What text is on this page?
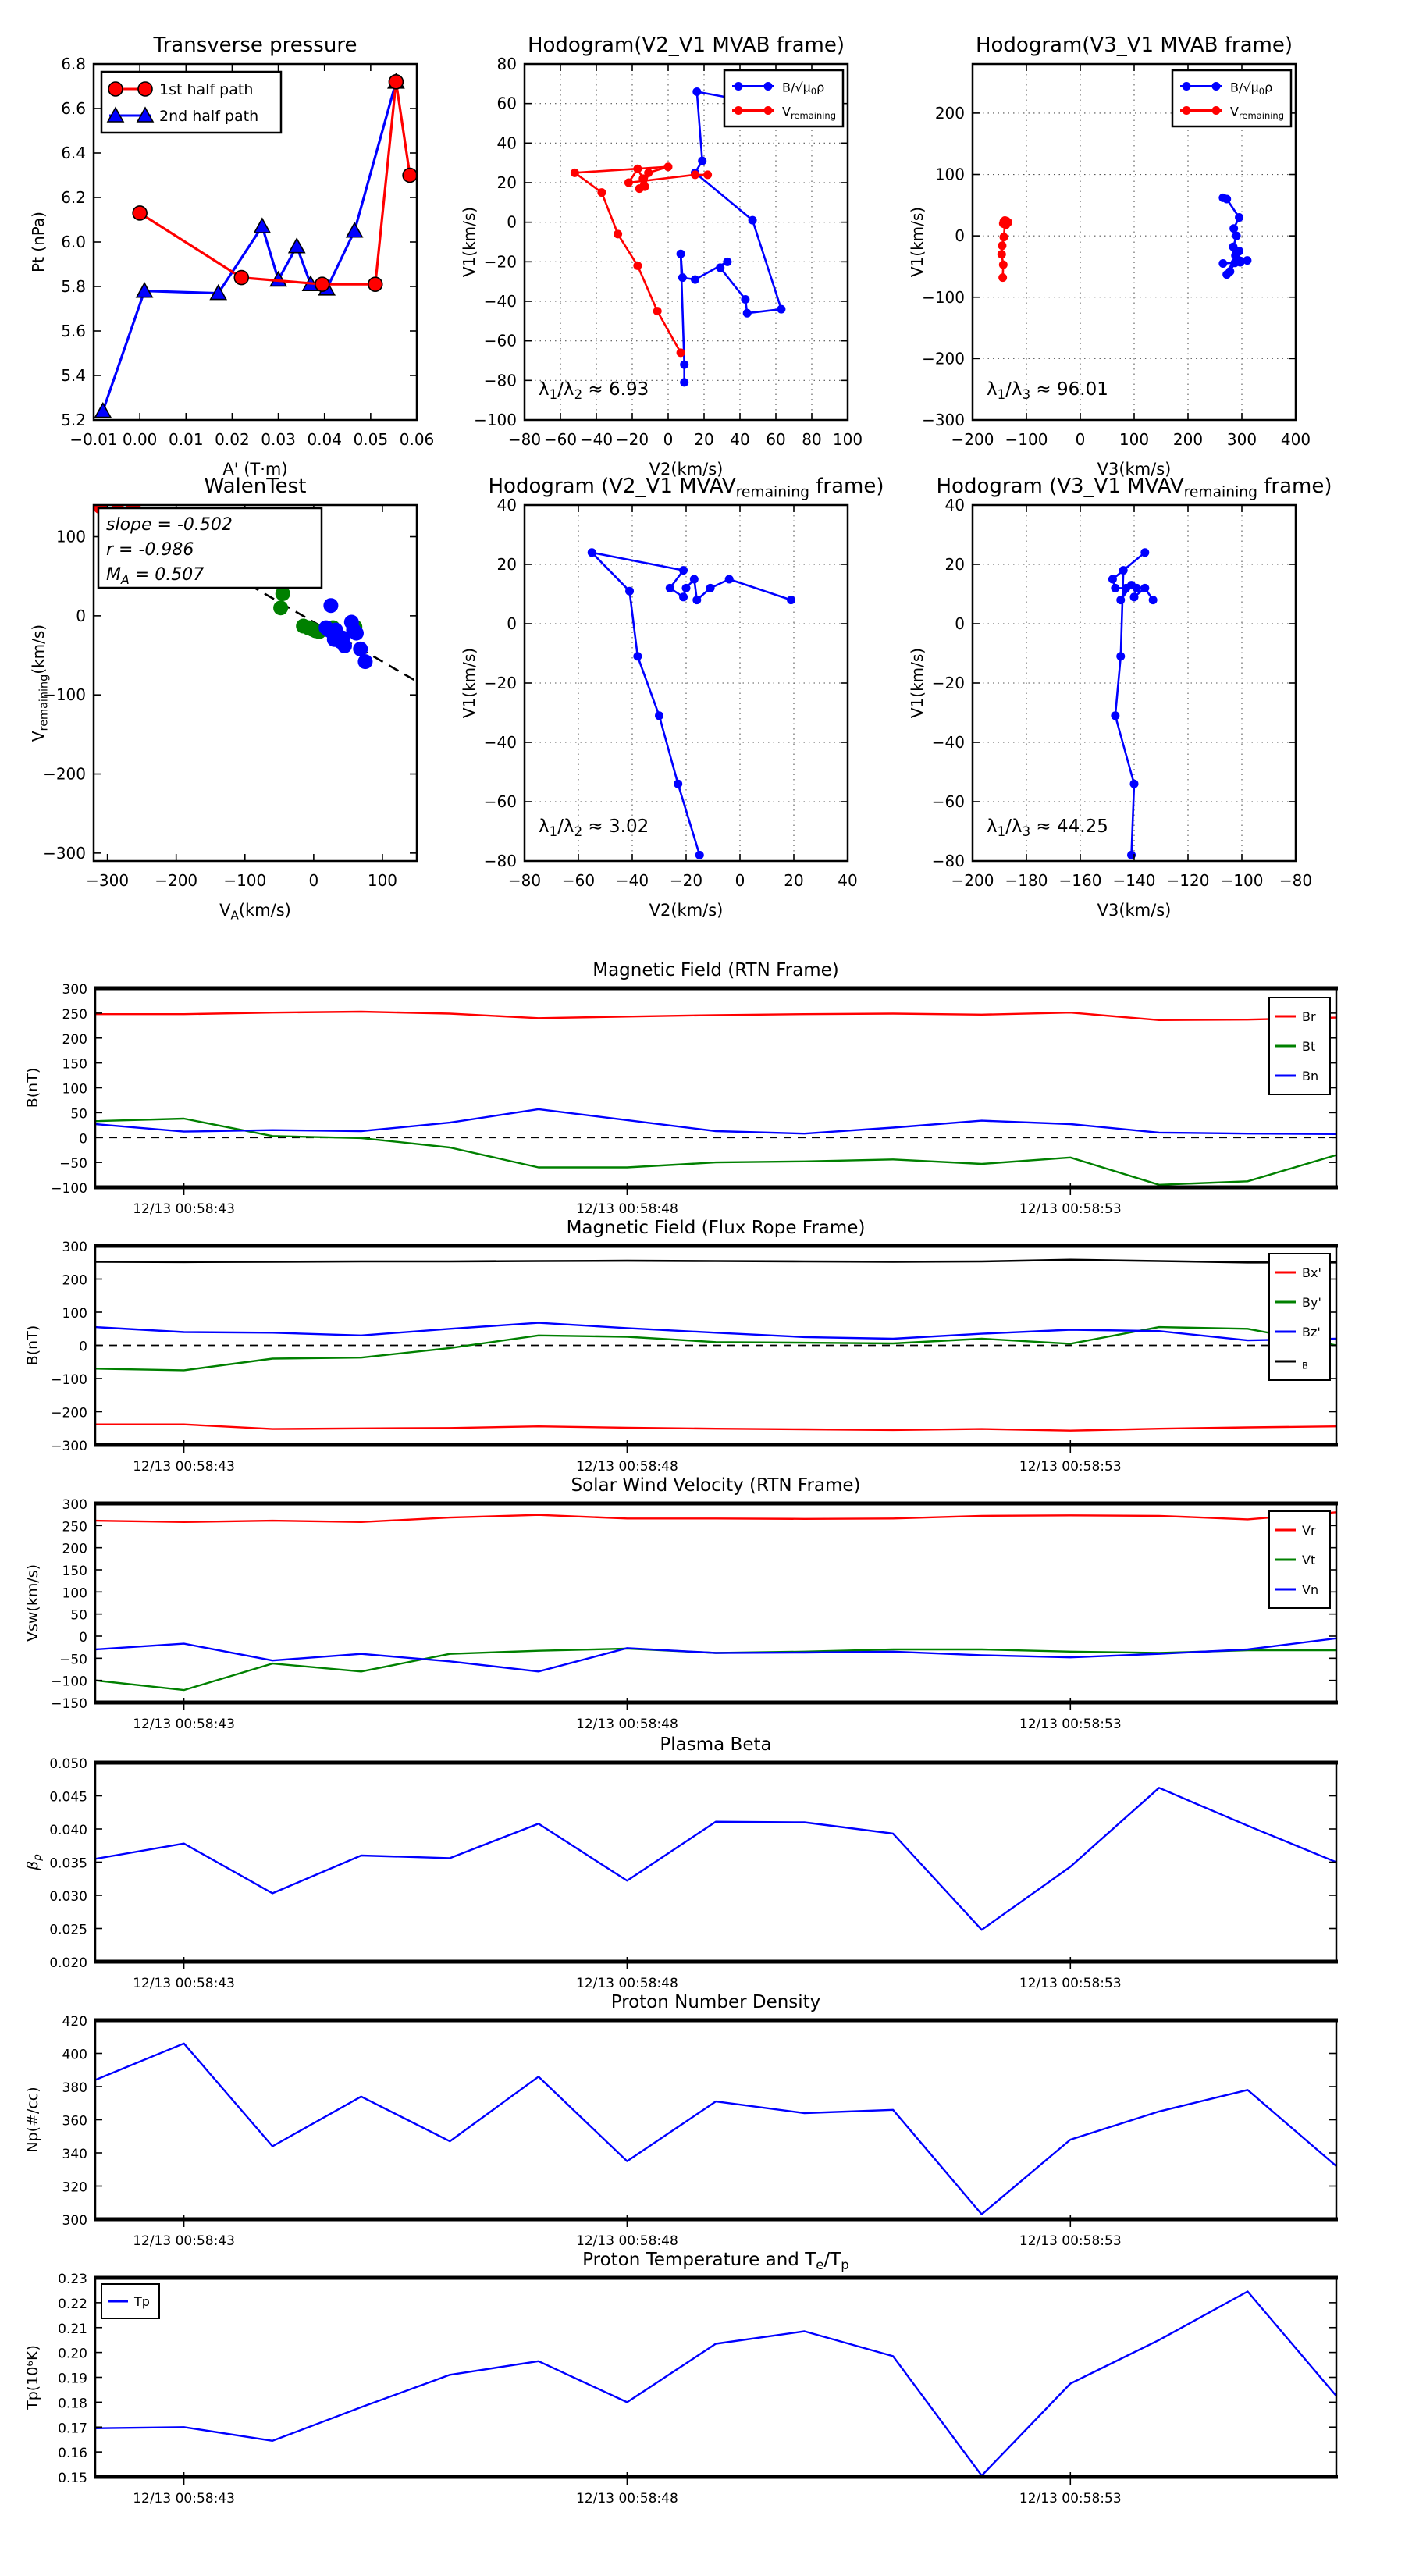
−0.01 0.00 0.01 0.02 0.03 0.04 0.05 0.06
5.2
5.4
5.6
5.8
6.0
6.2
6.4
6.6
6.8
Transverse pressure
A' (T·m)
Pt (nPa)
1st half path
2nd half path
−80 −60 −40 −20 0 20 40 60 80 100
−100
−80
−60
−40
−20
0
20
40
60
80
Hodogram(V2_V1 MVAB frame)
V2(km/s)
V1(km/s)
$\lambda_1/\lambda_2 \approx 6.93$
$B/√\mu_0\rho$
$V_{remaining}$
−200 −100 0 100 200 300 400
−300
−200
−100
0
100
200
Hodogram(V3_V1 MVAB frame)
V3(km/s)
V1(km/s)
$\lambda_1/\lambda_3 \approx 96.01$
$B/√\mu_0\rho$
$V_{remaining}$
−300 −200 −100	0	100
−300
−200
−100
0
100
WalenTest
$V_A(km/s)$
$V_{remaining}(km/s)$
slope = -0.502
r = -0.986
$M_A = 0.507$
−80 −60 −40 −20 0 20 40
−80
−60
−40
−20
0
20
40
Hodogram (V2_V1 $MVAV_{remaining}$ frame)
V2(km/s)
V1(km/s)
$\lambda_1/\lambda_2 \approx 3.02$
−200 −180 −160 −140 −120 −100 −80
−80
−60
−40
−20
0
20
40
Hodogram (V3_V1 $MVAV_{remaining}$ frame)
V3(km/s)
V1(km/s)
$\lambda_1/\lambda_3 \approx 44.25$
12/13 00:58:43	12/13 00:58:48	12/13 00:58:53
−100
−50
0
50
100
150
200
250
300
Magnetic Field (RTN Frame)
B(nT)
Br
Bt
Bn
12/13 00:58:43	12/13 00:58:48	12/13 00:58:53
−300
−200
−100
0
100
200
300
Magnetic Field (Flux Rope Frame)
B(nT)
Bx'
By'
Bz'
$_B$
12/13 00:58:43	12/13 00:58:48	12/13 00:58:53
−150
−100
−50
0
50
100
150
200
250
300
Solar Wind Velocity (RTN Frame)
Vsw(km/s)
Vr
Vt
Vn
12/13 00:58:43	12/13 00:58:48	12/13 00:58:53
0.020
0.025
0.030
0.035
0.040
0.045
0.050
Plasma Beta
$\beta_p$
12/13 00:58:43	12/13 00:58:48	12/13 00:58:53
300
320
340
360
380
400
420
Proton Number Density
Np(#/cc)
12/13 00:58:43	12/13 00:58:48	12/13 00:58:53
0.15
0.16
0.17
0.18
0.19
0.20
0.21
0.22
0.23
Proton Temperature and $T_e/T_p$
Tp(10⁶K)
Tp
